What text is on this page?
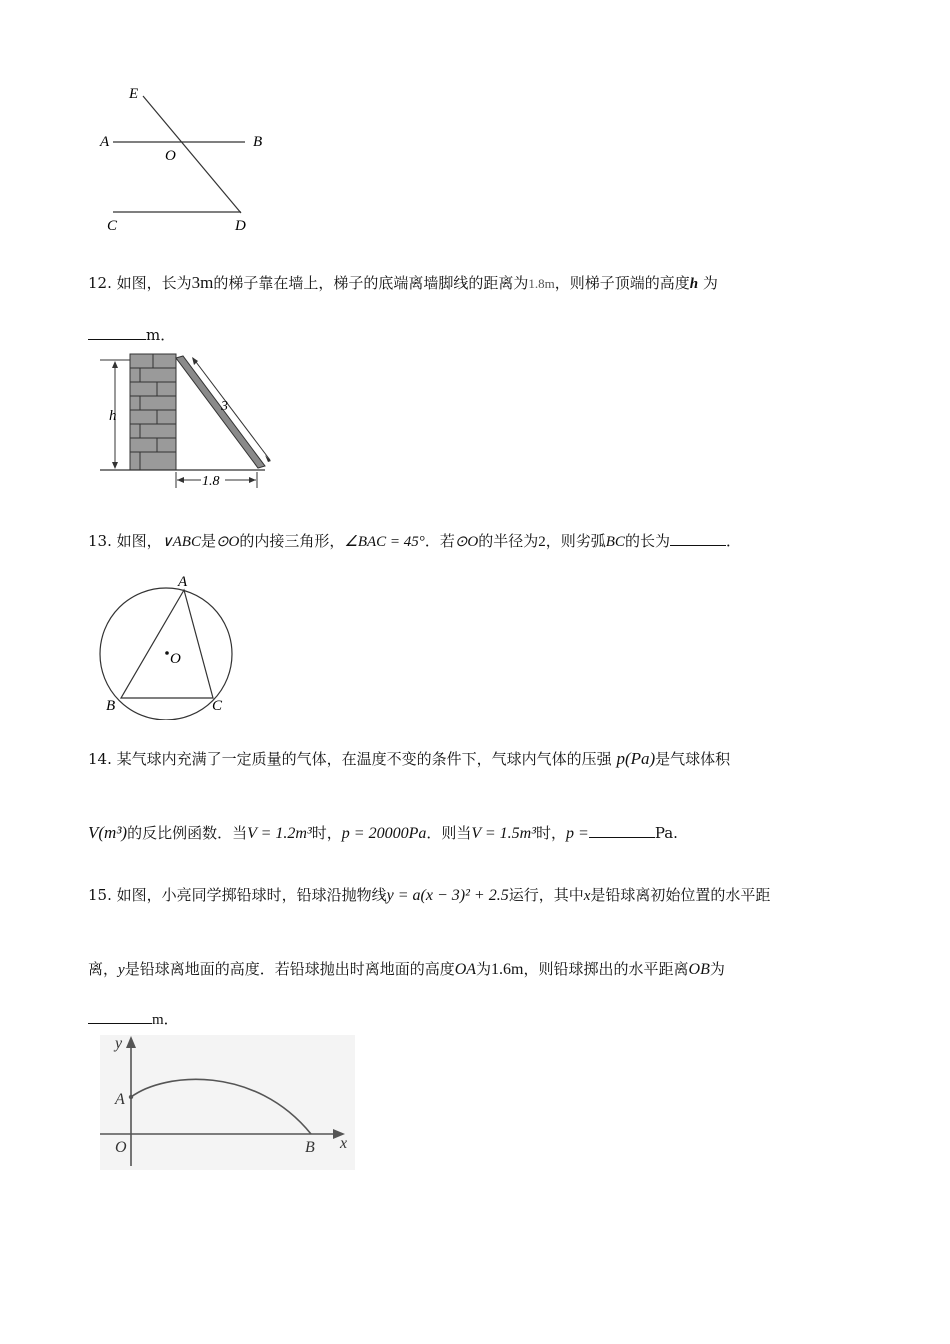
E
A	B
O
C	D
12. 如图，长为3m的梯子靠在墙上，梯子的底端离墙脚线的距离为1.8m，则梯子顶端的高度h 为
m．
h
3
1.8
13. 如图，∨ABC是⊙O的内接三角形，∠BAC = 45°．若⊙O的半径为2，则劣弧BC的长为	．
A
O
B	C
14. 某气球内充满了一定质量的气体，在温度不变的条件下，气球内气体的压强 p(Pa)是气球体积
V(m³)的反比例函数．当V = 1.2m³时，p = 20000Pa．则当V = 1.5m³时，p =	Pa.
15. 如图，小亮同学掷铅球时，铅球沿抛物线y = a(x − 3)² + 2.5运行，其中x是铅球离初始位置的水平距
离，y是铅球离地面的高度．若铅球抛出时离地面的高度OA为1.6m，则铅球掷出的水平距离OB为
m．
y
x
A
O	B
